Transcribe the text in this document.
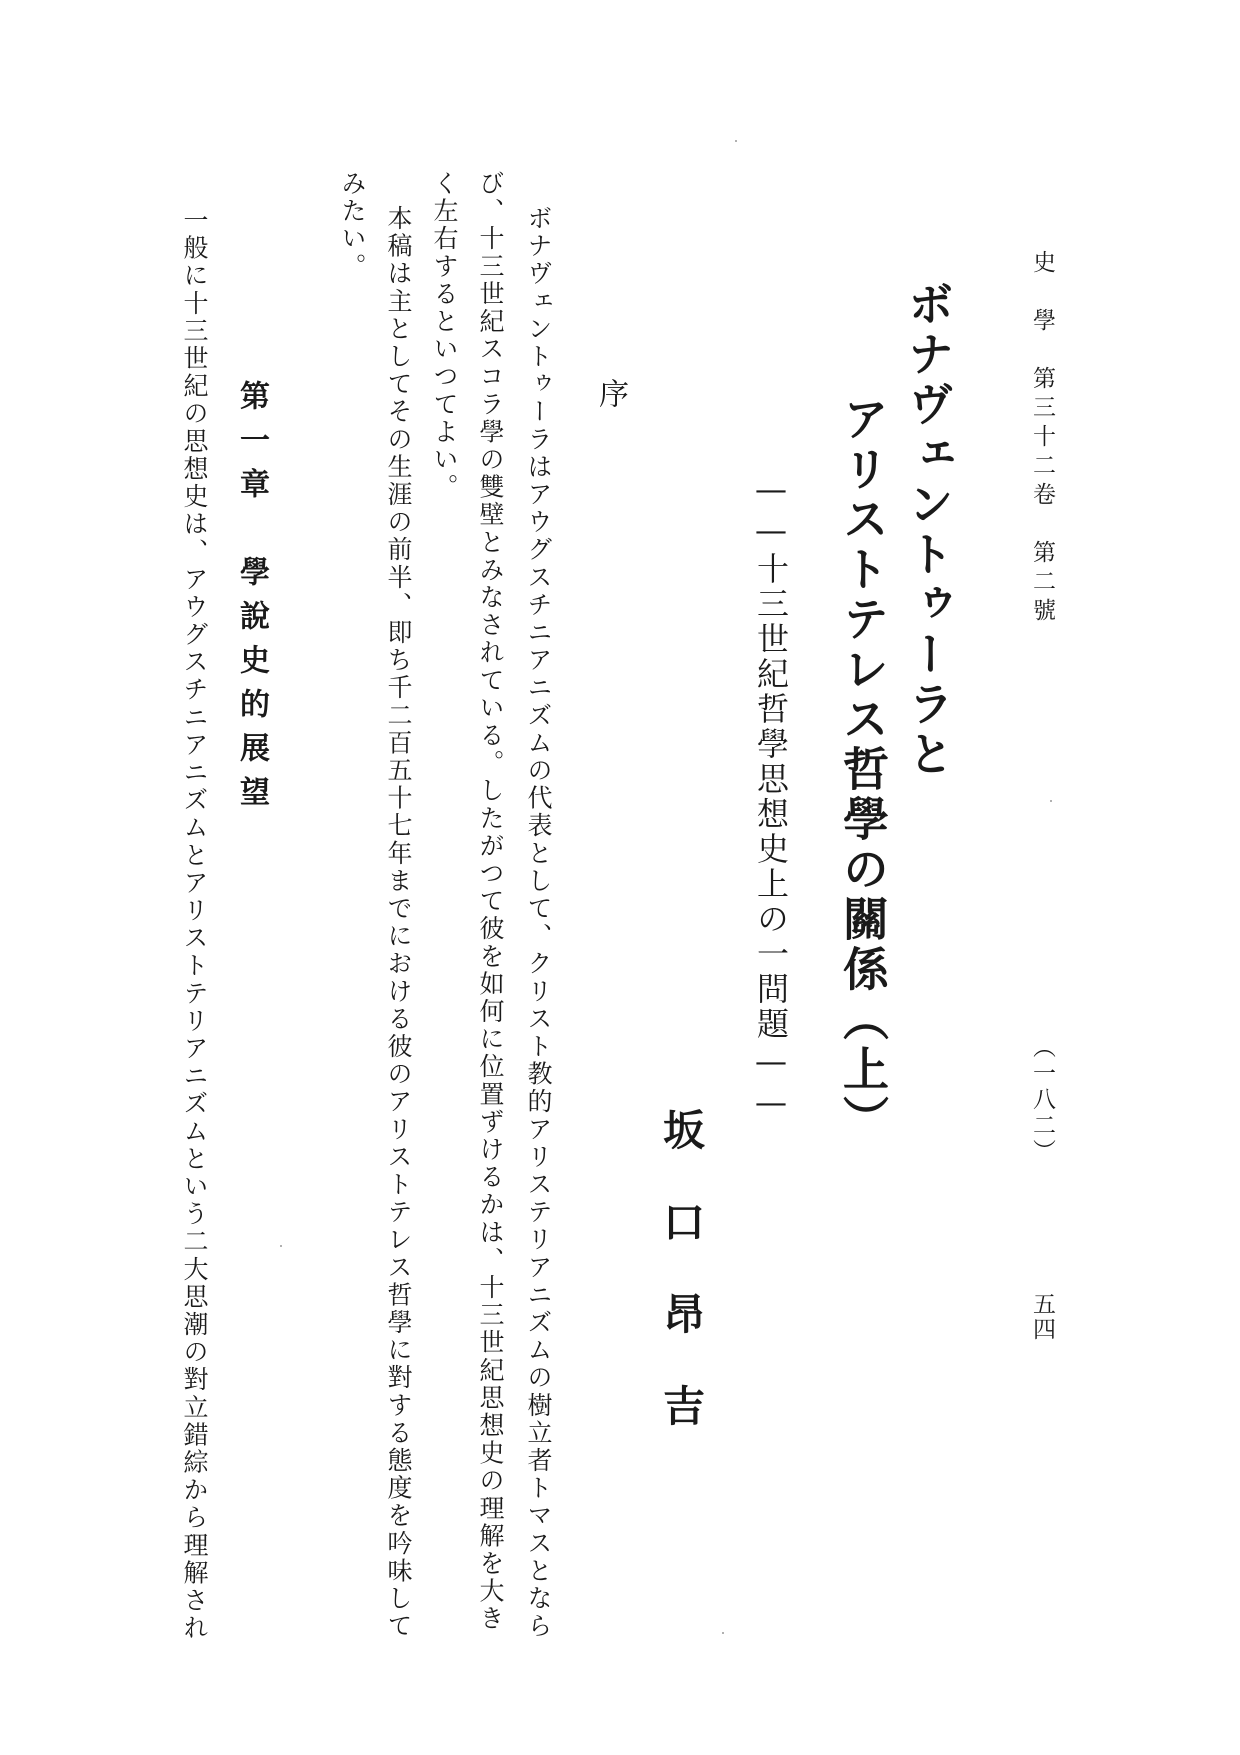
史　學　第三十二卷　第二號
（一八二）
五四
ボナヴェントゥーラと
アリストテレス哲學の關係（上）
——十三世紀哲學思想史上の一問題——
坂口昂吉
序
ボナヴェントゥーラはアウグスチニアニズムの代表として、クリスト教的アリステリアニズムの樹立者トマスとなら
び、十三世紀スコラ學の雙壁とみなされている。したがつて彼を如何に位置ずけるかは、十三世紀思想史の理解を大き
く左右するといつてよい。
本稿は主としてその生涯の前半、即ち千二百五十七年までにおける彼のアリストテレス哲學に對する態度を吟味して
みたい。
第一章　學說史的展望
一般に十三世紀の思想史は、アウグスチニアニズムとアリストテリアニズムという二大思潮の對立錯綜から理解され
